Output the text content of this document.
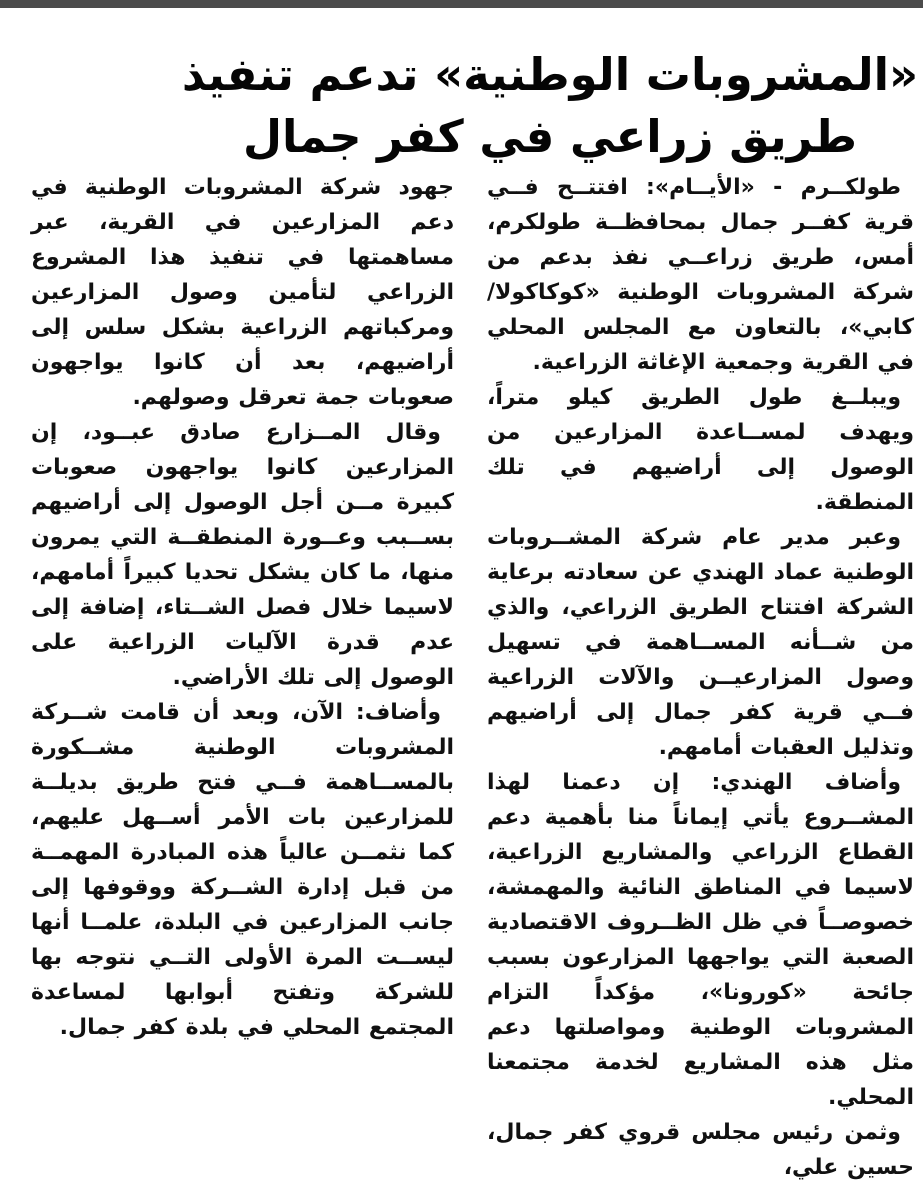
«المشروبات الوطنية» تدعم تنفيذ
طريق زراعي في كفر جمال

طولكــرم - «الأيــام»: افتتــح فــي قرية كفــر جمال بمحافظــة طولكرم، أمس، طريق زراعــي نفذ بدعم من شركة المشروبات الوطنية «كوكاكولا/كابي»، بالتعاون مع المجلس المحلي في القرية وجمعية الإغاثة الزراعية.

ويبلــغ طول الطريق كيلو متراً، ويهدف لمســاعدة المزارعين من الوصول إلى أراضيهم في تلك المنطقة.

وعبر مدير عام شركة المشــروبات الوطنية عماد الهندي عن سعادته برعاية الشركة افتتاح الطريق الزراعي، والذي من شــأنه المســاهمة في تسهيل وصول المزارعيــن والآلات الزراعية فــي قرية كفر جمال إلى أراضيهم وتذليل العقبات أمامهم.

وأضاف الهندي: إن دعمنا لهذا المشــروع يأتي إيماناً منا بأهمية دعم القطاع الزراعي والمشاريع الزراعية، لاسيما في المناطق النائية والمهمشة، خصوصــاً في ظل الظــروف الاقتصادية الصعبة التي يواجهها المزارعون بسبب جائحة «كورونا»، مؤكداً التزام المشروبات الوطنية ومواصلتها دعم مثل هذه المشاريع لخدمة مجتمعنا المحلي.

وثمن رئيس مجلس قروي كفر جمال، حسين علي،

جهود شركة المشروبات الوطنية في دعم المزارعين في القرية، عبر مساهمتها في تنفيذ هذا المشروع الزراعي لتأمين وصول المزارعين ومركباتهم الزراعية بشكل سلس إلى أراضيهم، بعد أن كانوا يواجهون صعوبات جمة تعرقل وصولهم.

وقال المــزارع صادق عبــود، إن المزارعين كانوا يواجهون صعوبات كبيرة مــن أجل الوصول إلى أراضيهم بســبب وعــورة المنطقــة التي يمرون منها، ما كان يشكل تحديا كبيراً أمامهم، لاسيما خلال فصل الشــتاء، إضافة إلى عدم قدرة الآليات الزراعية على الوصول إلى تلك الأراضي.

وأضاف: الآن، وبعد أن قامت شــركة المشروبات الوطنية مشــكورة بالمســاهمة فــي فتح طريق بديلــة للمزارعين بات الأمر أســهل عليهم، كما نثمــن عالياً هذه المبادرة المهمــة من قبل إدارة الشــركة ووقوفها إلى جانب المزارعين في البلدة، علمــا أنها ليســت المرة الأولى التــي نتوجه بها للشركة وتفتح أبوابها لمساعدة المجتمع المحلي في بلدة كفر جمال.
